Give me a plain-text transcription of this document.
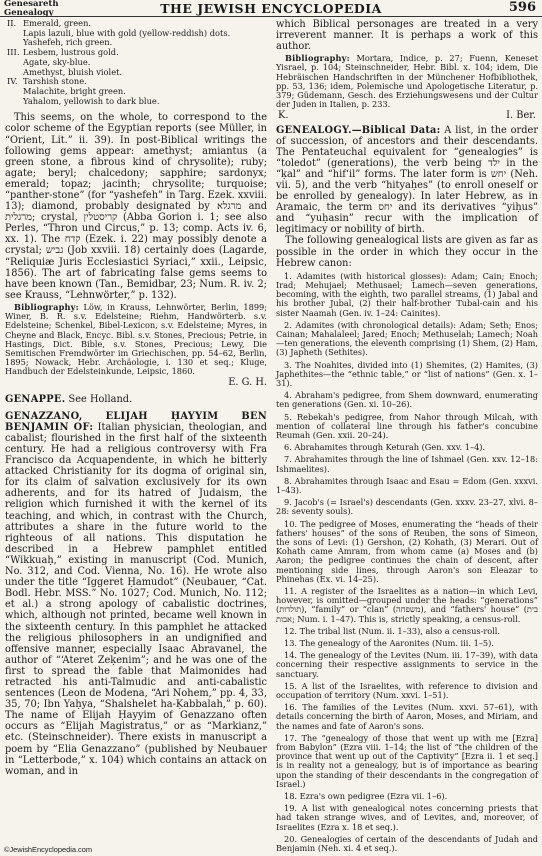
Genesareth
Genealogy	THE JEWISH ENCYCLOPEDIA	596

II. Emerald, green.

Lapis lazuli, blue with gold (yellow-reddish) dots.

Yashefeh, rich green.

III. Lesbem, lustrous gold.

Agate, sky-blue.

Amethyst, bluish violet.

IV. Tarshish stone.

Malachite, bright green.

Yahalom, yellowish to dark blue.

This seems, on the whole, to correspond to the color scheme of the Egyptian reports (see Müller, in “Orient, Lit.” ii. 39). In post-Biblical writings the following gems appear: amethyst; amiantus (a green stone, a fibrous kind of chrysolite); ruby; agate; beryl; chalcedony; sapphire; sardonyx; emerald; topaz; jacinth; chrysolite; turquoise; “panther-stone” (for “yashefeh” in Targ. Ezek. xxviii. 13); diamond, probably designated by מרגלא and מרגלית; crystal, קריסטלין (Abba Gorion i. 1; see also Perles, “Thron und Circus,” p. 13; comp. Acts iv. 6, xx. 1). The קדח (Ezek. i. 22) may possibly denote a crystal; גביש (Job xxviii. 18) certainly does (Lagarde, “Reliquiæ Juris Ecclesiastici Syriaci,” xxii., Leipsic, 1856). The art of fabricating false gems seems to have been known (Tan., Bemidbar, 23; Num. R. iv. 2; see Krauss, “Lehnwörter,” p. 132).

Bibliography: Löw, in Krauss, Lehnwörter, Berlin, 1899; Winer, B. R. s.v. Edelsteine; Riehm, Handwörterb. s.v. Edelsteine; Schenkel, Bibel-Lexicon, s.v. Edelsteine; Myres, in Cheyne and Black, Encyc. Bibl. s.v. Stones, Precious; Petrie, in Hastings, Dict. Bible, s.v. Stones, Precious; Lewy, Die Semitischen Fremdwörter im Griechischen, pp. 54–62, Berlin, 1895; Nowack, Hebr. Archäologie, i. 130 et seq.; Kluge, Handbuch der Edelsteinkunde, Leipsic, 1860.

E. G. H.

GENAPPE. See Holland.

GENAZZANO, ELIJAH ḤAYYIM BEN BENJAMIN OF: Italian physician, theologian, and cabalist; flourished in the first half of the sixteenth century. He had a religious controversy with Fra Francisco da Acquapendente, in which he bitterly attacked Christianity for its dogma of original sin, for its claim of salvation exclusively for its own adherents, and for its hatred of Judaism, the religion which furnished it with the kernel of its teaching, and which, in contrast with the Church, attributes a share in the future world to the righteous of all nations. This disputation he described in a Hebrew pamphlet entitled “Wikkuaḥ,” existing in manuscript (Cod. Munich, No. 312, and Cod. Vienna, No. 16). He wrote also under the title “Iggeret Ḥamudot” (Neubauer, “Cat. Bodl. Hebr. MSS.” No. 1027; Cod. Munich, No. 112; et al.) a strong apology of cabalistic doctrines, which, although not printed, became well known in the sixteenth century. In this pamphlet he attacked the religious philosophers in an undignified and offensive manner, especially Isaac Abravanel, the author of “‘Ateret Zeḳenim”; and he was one of the first to spread the fable that Maimonides had retracted his anti-Talmudic and anti-cabalistic sentences (Leon de Modena, “Ari Nohem,” pp. 4, 33, 35, 70; Ibn Yaḥya, “Shalshelet ha-Ḳabbalah,” p. 60). The name of Elijah Ḥayyim of Genazzano often occurs as “Elijah Magistratus,” or as “Markianz,” etc. (Steinschneider). There exists in manuscript a poem by “Elia Genazzano” (published by Neubauer in “Letterbode,” x. 104) which contains an attack on woman, and in

which Biblical personages are treated in a very irreverent manner. It is perhaps a work of this author.

Bibliography: Mortara, Indice, p. 27; Fuenn, Keneset Yisrael, p. 104; Steinschneider, Hebr. Bibl. x. 104; idem, Die Hebräischen Handschriften in der Münchener Hofbibliothek, pp. 53, 136; idem, Polemische und Apologetische Literatur, p. 379; Güdemann, Gesch. des Erziehungswesens und der Cultur der Juden in Italien, p. 233.

K.	I. Ber.

GENEALOGY.—Biblical Data: A list, in the order of succession, of ancestors and their descendants. The Pentateuchal equivalent for “genealogies” is “toledot” (generations), the verb being ילד in the “ḳal” and “hif‘il” forms. The later form is יחש (Neh. vii. 5), and the verb “hityaḥes” (to enroll oneself or be enrolled by genealogy). In later Hebrew, as in Aramaic, the term יחס and its derivatives “yiḥus” and “yuḥasin” recur with the implication of legitimacy or nobility of birth.

The following genealogical lists are given as far as possible in the order in which they occur in the Hebrew canon:

1. Adamites (with historical glosses): Adam; Cain; Enoch; Irad; Mehujael; Methusael; Lamech—seven generations, becoming, with the eighth, two parallel streams, (1) Jabal and his brother Jubal, (2) their half-brother Tubal-cain and his sister Naamah (Gen. iv. 1–24: Cainites).

2. Adamites (with chronological details): Adam; Seth; Enos; Cainan; Mahalaleel; Jared; Enoch; Methuselah; Lamech; Noah—ten generations, the eleventh comprising (1) Shem, (2) Ham, (3) Japheth (Sethites).

3. The Noahites, divided into (1) Shemites, (2) Hamites, (3) Japhethites—the “ethnic table,” or “list of nations” (Gen. x. 1–31).

4. Abraham's pedigree, from Shem downward, enumerating ten generations (Gen. xi. 10–26).

5. Rebekah's pedigree, from Nahor through Milcah, with mention of collateral line through his father's concubine Reumah (Gen. xxii. 20–24).

6. Abrahamites through Keturah (Gen. xxv. 1–4).

7. Abrahamites through the line of Ishmael (Gen. xxv. 12–18: Ishmaelites).

8. Abrahamites through Isaac and Esau = Edom (Gen. xxxvi. 1–43).

9. Jacob's (= Israel's) descendants (Gen. xxxv. 23–27, xlvi. 8–28: seventy souls).

10. The pedigree of Moses, enumerating the “heads of their fathers' houses” of the sons of Reuben, the sons of Simeon, the sons of Levi: (1) Gershon, (2) Kohath, (3) Merari. Out of Kohath came Amram, from whom came (a) Moses and (b) Aaron; the pedigree continues the chain of descent, after mentioning side lines, through Aaron's son Eleazar to Phinehas (Ex. vi. 14–25).

11. A register of the Israelites as a nation—in which Levi, however, is omitted—grouped under the heads: “generations” (תולדות), “family” or “clan” (משפחה), and “fathers' house” (בית אבות; Num. i. 1–47). This is, strictly speaking, a census-roll.

12. The tribal list (Num. ii. 1–33), also a census-roll.

13. The genealogy of the Aaronites (Num. iii. 1–5).

14. The genealogy of the Levites (Num. iii. 17–39), with data concerning their respective assignments to service in the sanctuary.

15. A list of the Israelites, with reference to division and occupation of territory (Num. xxvi. 1–51).

16. The families of the Levites (Num. xxvi. 57–61), with details concerning the birth of Aaron, Moses, and Miriam, and the names and fate of Aaron's sons.

17. The “genealogy of those that went up with me [Ezra] from Babylon” (Ezra viii. 1–14; the list of “the children of the province that went up out of the Captivity” [Ezra ii. 1 et seq.] is in reality not a genealogy, but is of importance as bearing upon the standing of their descendants in the congregation of Israel.)

18. Ezra's own pedigree (Ezra vii. 1–6).

19. A list with genealogical notes concerning priests that had taken strange wives, and of Levites, and, moreover, of Israelites (Ezra x. 18 et seq.).

20. Genealogies of certain of the descendants of Judah and Benjamin (Neh. xi. 4 et seq.).

©JewishEncyclopedia.com
